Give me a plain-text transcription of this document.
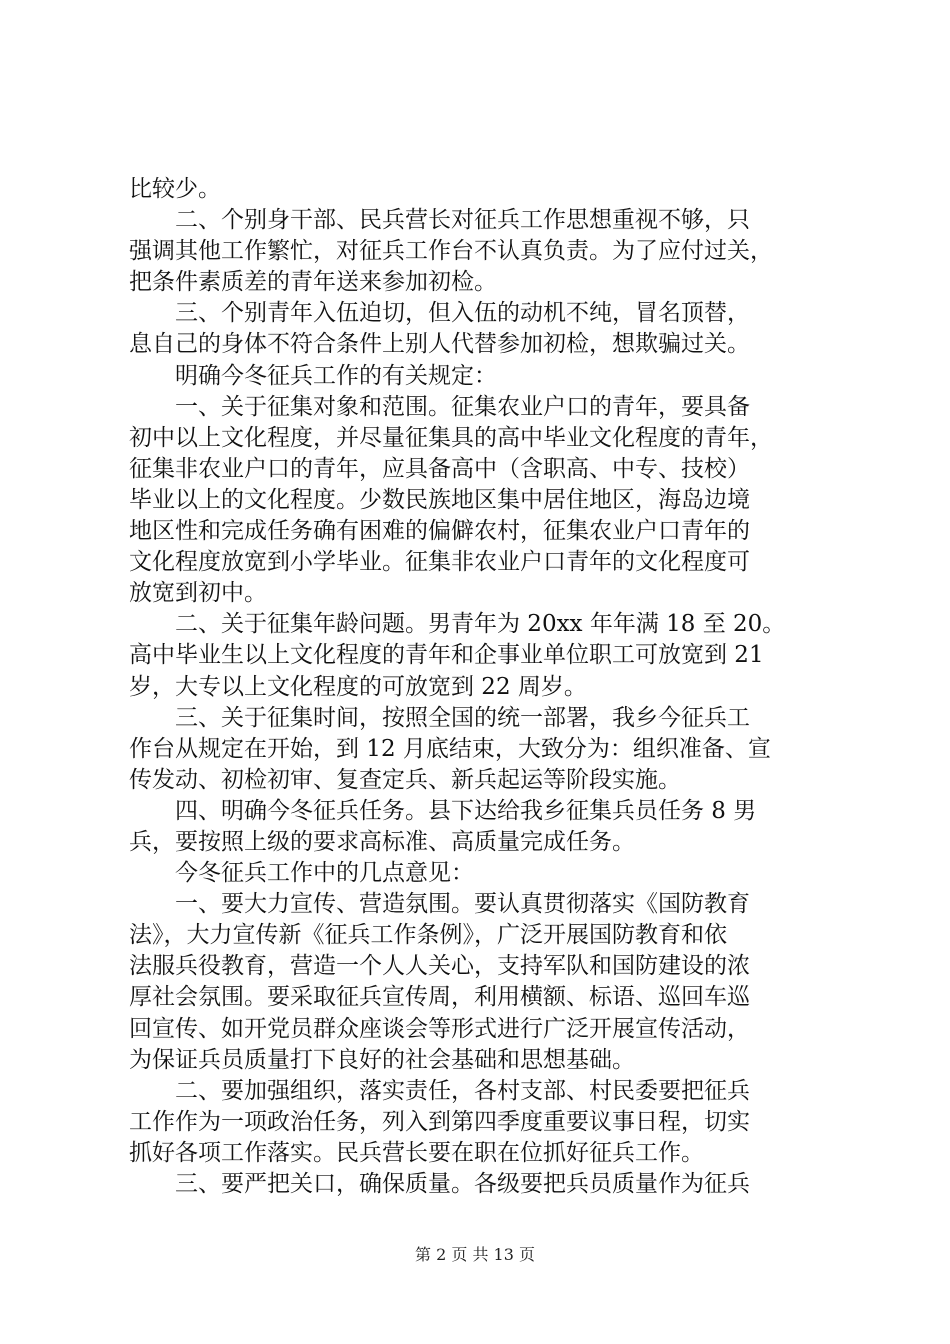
比较少。
二、个别身干部、民兵营长对征兵工作思想重视不够，只
强调其他工作繁忙，对征兵工作台不认真负责。为了应付过关，
把条件素质差的青年送来参加初检。
三、个别青年入伍迫切，但入伍的动机不纯，冒名顶替，
息自己的身体不符合条件上别人代替参加初检，想欺骗过关。
明确今冬征兵工作的有关规定：
一、关于征集对象和范围。征集农业户口的青年，要具备
初中以上文化程度，并尽量征集具的高中毕业文化程度的青年，
征集非农业户口的青年，应具备高中（含职高、中专、技校）
毕业以上的文化程度。少数民族地区集中居住地区，海岛边境
地区性和完成任务确有困难的偏僻农村，征集农业户口青年的
文化程度放宽到小学毕业。征集非农业户口青年的文化程度可
放宽到初中。
二、关于征集年龄问题。男青年为 20xx 年年满 18 至 20。
高中毕业生以上文化程度的青年和企事业单位职工可放宽到 21
岁，大专以上文化程度的可放宽到 22 周岁。
三、关于征集时间，按照全国的统一部署，我乡今征兵工
作台从规定在开始，到 12 月底结束，大致分为：组织准备、宣
传发动、初检初审、复查定兵、新兵起运等阶段实施。
四、明确今冬征兵任务。县下达给我乡征集兵员任务 8 男
兵，要按照上级的要求高标准、高质量完成任务。
今冬征兵工作中的几点意见：
一、要大力宣传、营造氛围。要认真贯彻落实《国防教育
法》，大力宣传新《征兵工作条例》，广泛开展国防教育和依
法服兵役教育，营造一个人人关心，支持军队和国防建设的浓
厚社会氛围。要采取征兵宣传周，利用横额、标语、巡回车巡
回宣传、如开党员群众座谈会等形式进行广泛开展宣传活动，
为保证兵员质量打下良好的社会基础和思想基础。
二、要加强组织，落实责任，各村支部、村民委要把征兵
工作作为一项政治任务，列入到第四季度重要议事日程，切实
抓好各项工作落实。民兵营长要在职在位抓好征兵工作。
三、要严把关口，确保质量。各级要把兵员质量作为征兵
第 2 页 共 13 页
